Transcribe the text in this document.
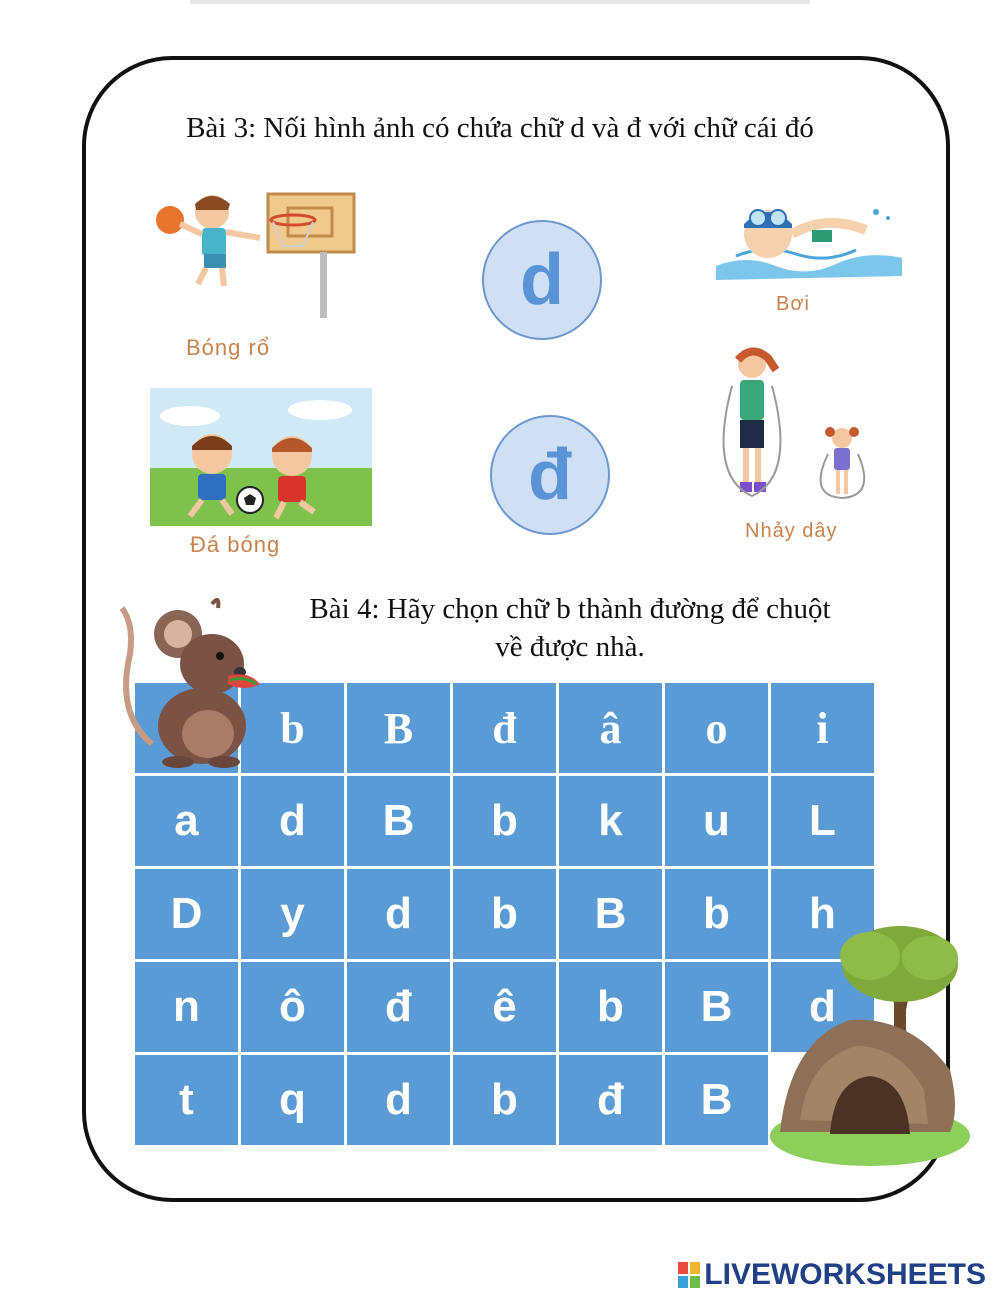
Bài 3: Nối hình ảnh có chứa chữ d và đ với chữ cái đó
Bóng rổ
d	Bơi
Đá bóng
đ
Nhảy dây
Bài 4: Hãy chọn chữ b thành đường để chuột
về được nhà.
	b	B	đ	â	o	i
a	d	B	b	k	u	L
D	y	d	b	B	b	h
n	ô	đ	ê	b	B	d
t	q	d	b	đ	B	
LIVEWORKSHEETS
